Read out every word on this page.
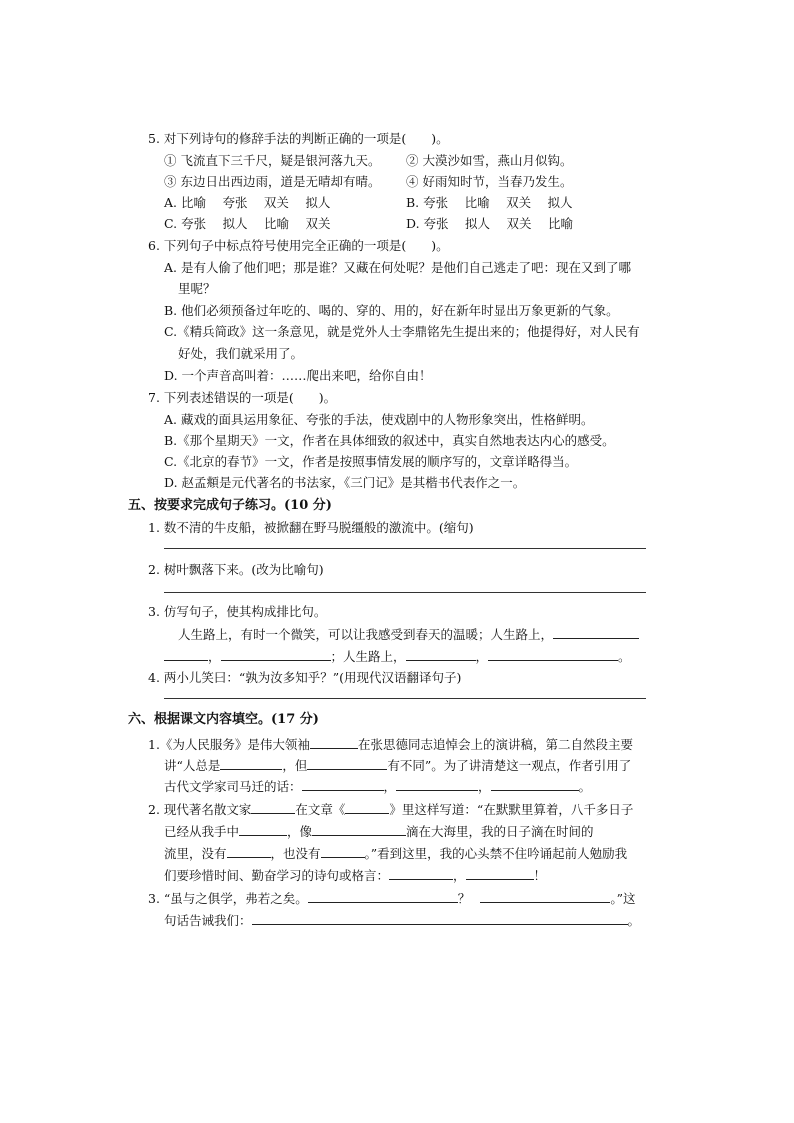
5. 对下列诗句的修辞手法的判断正确的一项是(　　)。
① 飞流直下三千尺，疑是银河落九天。 ② 大漠沙如雪，燕山月似钩。
③ 东边日出西边雨，道是无晴却有晴。 ④ 好雨知时节，当春乃发生。
A. 比喻　 夸张　 双关　 拟人	B. 夸张　 比喻　 双关　 拟人
C. 夸张　 拟人　 比喻　 双关	D. 夸张　 拟人　 双关　 比喻
6. 下列句子中标点符号使用完全正确的一项是(　　)。
A. 是有人偷了他们吧；那是谁？又藏在何处呢？是他们自己逃走了吧：现在又到了哪
里呢？
B. 他们必须预备过年吃的、喝的、穿的、用的，好在新年时显出万象更新的气象。
C.《精兵简政》这一条意见，就是党外人士李鼎铭先生提出来的；他提得好，对人民有
好处，我们就采用了。
D. 一个声音高叫着：……爬出来吧，给你自由！
7. 下列表述错误的一项是(　　)。
A. 藏戏的面具运用象征、夸张的手法，使戏剧中的人物形象突出，性格鲜明。
B.《那个星期天》一文，作者在具体细致的叙述中，真实自然地表达内心的感受。
C.《北京的春节》一文，作者是按照事情发展的顺序写的，文章详略得当。
D. 赵孟頫是元代著名的书法家，《三门记》是其楷书代表作之一。
五、按要求完成句子练习。(10 分)
1. 数不清的牛皮船，被掀翻在野马脱缰般的激流中。(缩句)
2. 树叶飘落下来。(改为比喻句)
3. 仿写句子，使其构成排比句。
人生路上，有时一个微笑，可以让我感受到春天的温暖；人生路上，
，	；人生路上，	，	。
4. 两小儿笑曰：“孰为汝多知乎？”(用现代汉语翻译句子)
六、根据课文内容填空。(17 分)
1.《为人民服务》是伟大领袖	在张思德同志追悼会上的演讲稿，第二自然段主要
讲“人总是	，但	有不同”。为了讲清楚这一观点，作者引用了
古代文学家司马迁的话：	，	，	。
2. 现代著名散文家	在文章《	》里这样写道：“在默默里算着，八千多日子
已经从我手中	，像	滴在大海里，我的日子滴在时间的
流里，没有	，也没有	。”看到这里，我的心头禁不住吟诵起前人勉励我
们要珍惜时间、勤奋学习的诗句或格言：	，	！
3. “虽与之俱学，弗若之矣。	？	。”这
句话告诫我们：	。
